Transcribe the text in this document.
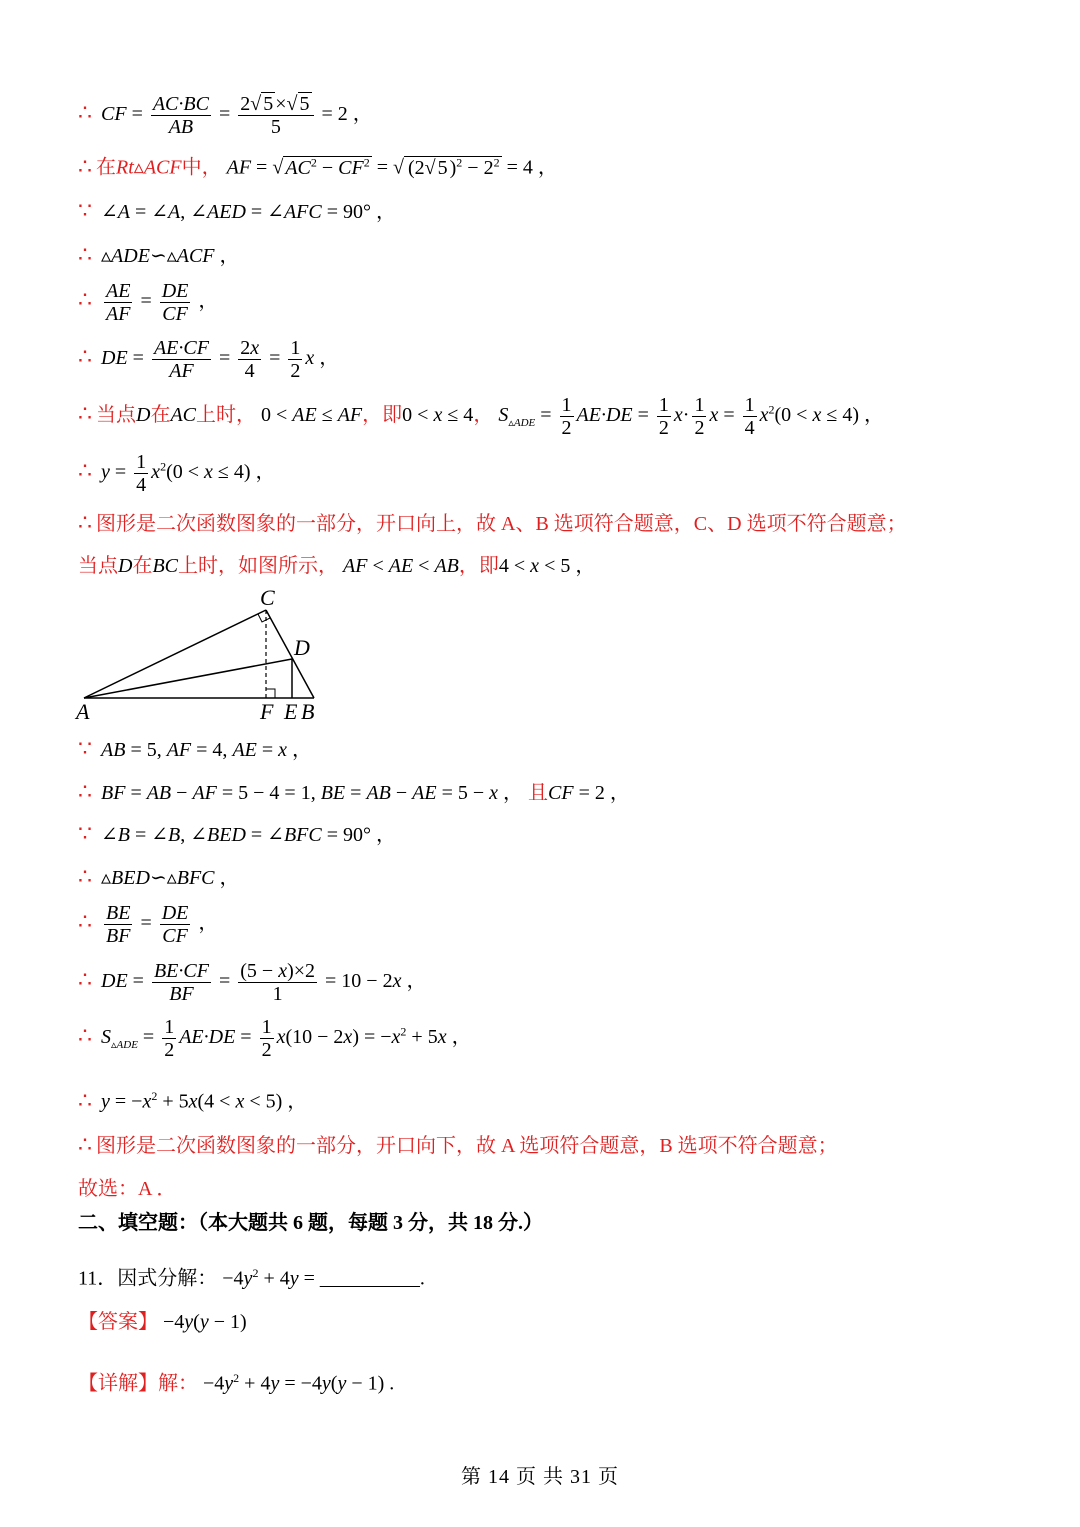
∴ CF = $\frac{AC\cdot BC}{AB} = \frac{2√ 5 \times√ 5}{5} = 2$ ，
∴ 在Rt▵ACF中， AF = √ $AC^2 - CF^2$ = √ (2√ 5 )$^2 - 2^2 = 4$ ，
∵ ∠A = ∠A, ∠AED = ∠AFC = 90° ，
∴ ▵ADE∽▵ACF ，
∴ $\frac{AE}{AF} = \frac{DE}{CF}$ ，
∴ DE = $\frac{AE\cdot CF}{AF} = \frac{2x}{4} = \frac{1}{2}$ x ，
∴ 当点D在AC上时， 0 < AE ≤ AF，即0 < x ≤ 4， $S_{▵ADE} = \frac{1}{2} AE\cdot DE = \frac{1}{2} x\cdot \frac{1}{2}$ $x = \frac{1}{4} x^2(0 < x \le 4)$ ，
∴ $y = \frac{1}{4} x^2(0 < x \le 4)$ ，
∴ 图形是二次函数图象的一部分，开口向上，故 A、B 选项符合题意，C、D 选项不符合题意；
当点D在BC上时，如图所示， AF < AE < AB，即4 < x < 5 ，
A	F E B
C
D
∵ AB = 5, AF = 4, AE = x ，
∴ BF = AB − AF = 5 − 4 = 1, BE = AB − AE = 5 − x ， 且CF = 2 ，
∵ ∠B = ∠B, ∠BED = ∠BFC = 90° ，
∴ ▵BED∽▵BFC ，
∴ $\frac{BE}{BF} = \frac{DE}{CF}$ ，
∴ DE = $\frac{BE\cdot CF}{BF} = \frac{(5 - x)\times 2}{1} = 10 - 2x$ ，
∴ $S_{▵ADE} = \frac{1}{2} AE\cdot DE = \frac{1}{2} x(10 - 2x) = -x^2 + 5x$ ，
∴ $y = -x^2 + 5x(4 < x < 5)$ ，
∴ 图形是二次函数图象的一部分，开口向下，故 A 选项符合题意，B 选项不符合题意；
故选：A ．
二、填空题：（本大题共 6 题，每题 3 分，共 18 分.）
11．因式分解： $-4y^2 + 4y$ = __________.
【答案】 −4y(y − 1)
【详解】解： $-4y^2 + 4y = -4y(y - 1)$ .
第 14 页 共 31 页
